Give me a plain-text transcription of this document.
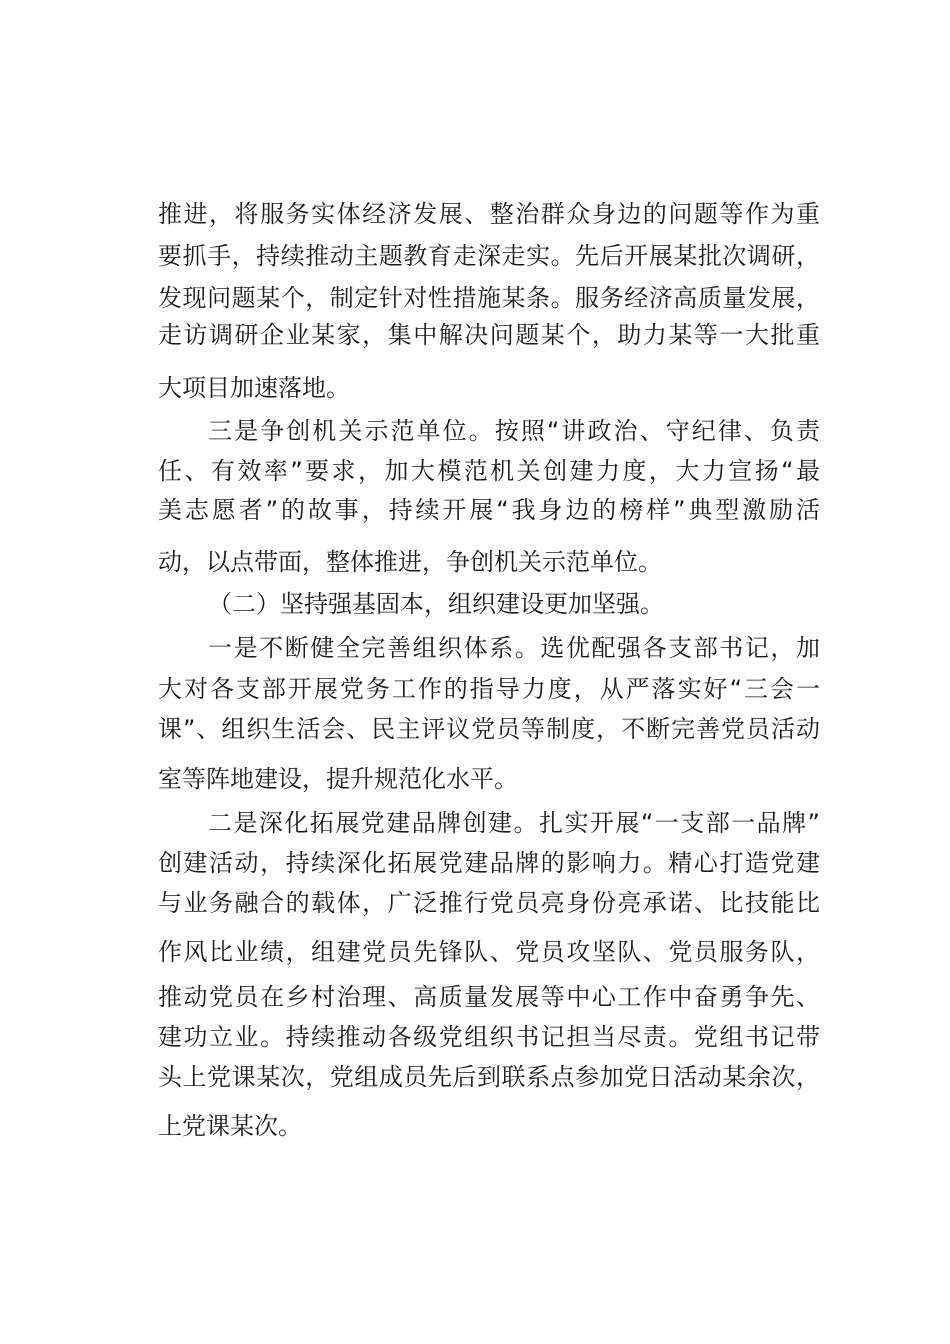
推进，将服务实体经济发展、整治群众身边的问题等作为重
要抓手，持续推动主题教育走深走实。先后开展某批次调研，
发现问题某个，制定针对性措施某条。服务经济高质量发展，
走访调研企业某家，集中解决问题某个，助力某等一大批重
大项目加速落地。
三是争创机关示范单位。按照“讲政治、守纪律、负责
任、有效率”要求，加大模范机关创建力度，大力宣扬“最
美志愿者”的故事，持续开展“我身边的榜样”典型激励活
动，以点带面，整体推进，争创机关示范单位。
（二）坚持强基固本，组织建设更加坚强。
一是不断健全完善组织体系。选优配强各支部书记，加
大对各支部开展党务工作的指导力度，从严落实好“三会一
课”、组织生活会、民主评议党员等制度，不断完善党员活动
室等阵地建设，提升规范化水平。
二是深化拓展党建品牌创建。扎实开展“一支部一品牌”
创建活动，持续深化拓展党建品牌的影响力。精心打造党建
与业务融合的载体，广泛推行党员亮身份亮承诺、比技能比
作风比业绩，组建党员先锋队、党员攻坚队、党员服务队，
推动党员在乡村治理、高质量发展等中心工作中奋勇争先、
建功立业。持续推动各级党组织书记担当尽责。党组书记带
头上党课某次，党组成员先后到联系点参加党日活动某余次，
上党课某次。
